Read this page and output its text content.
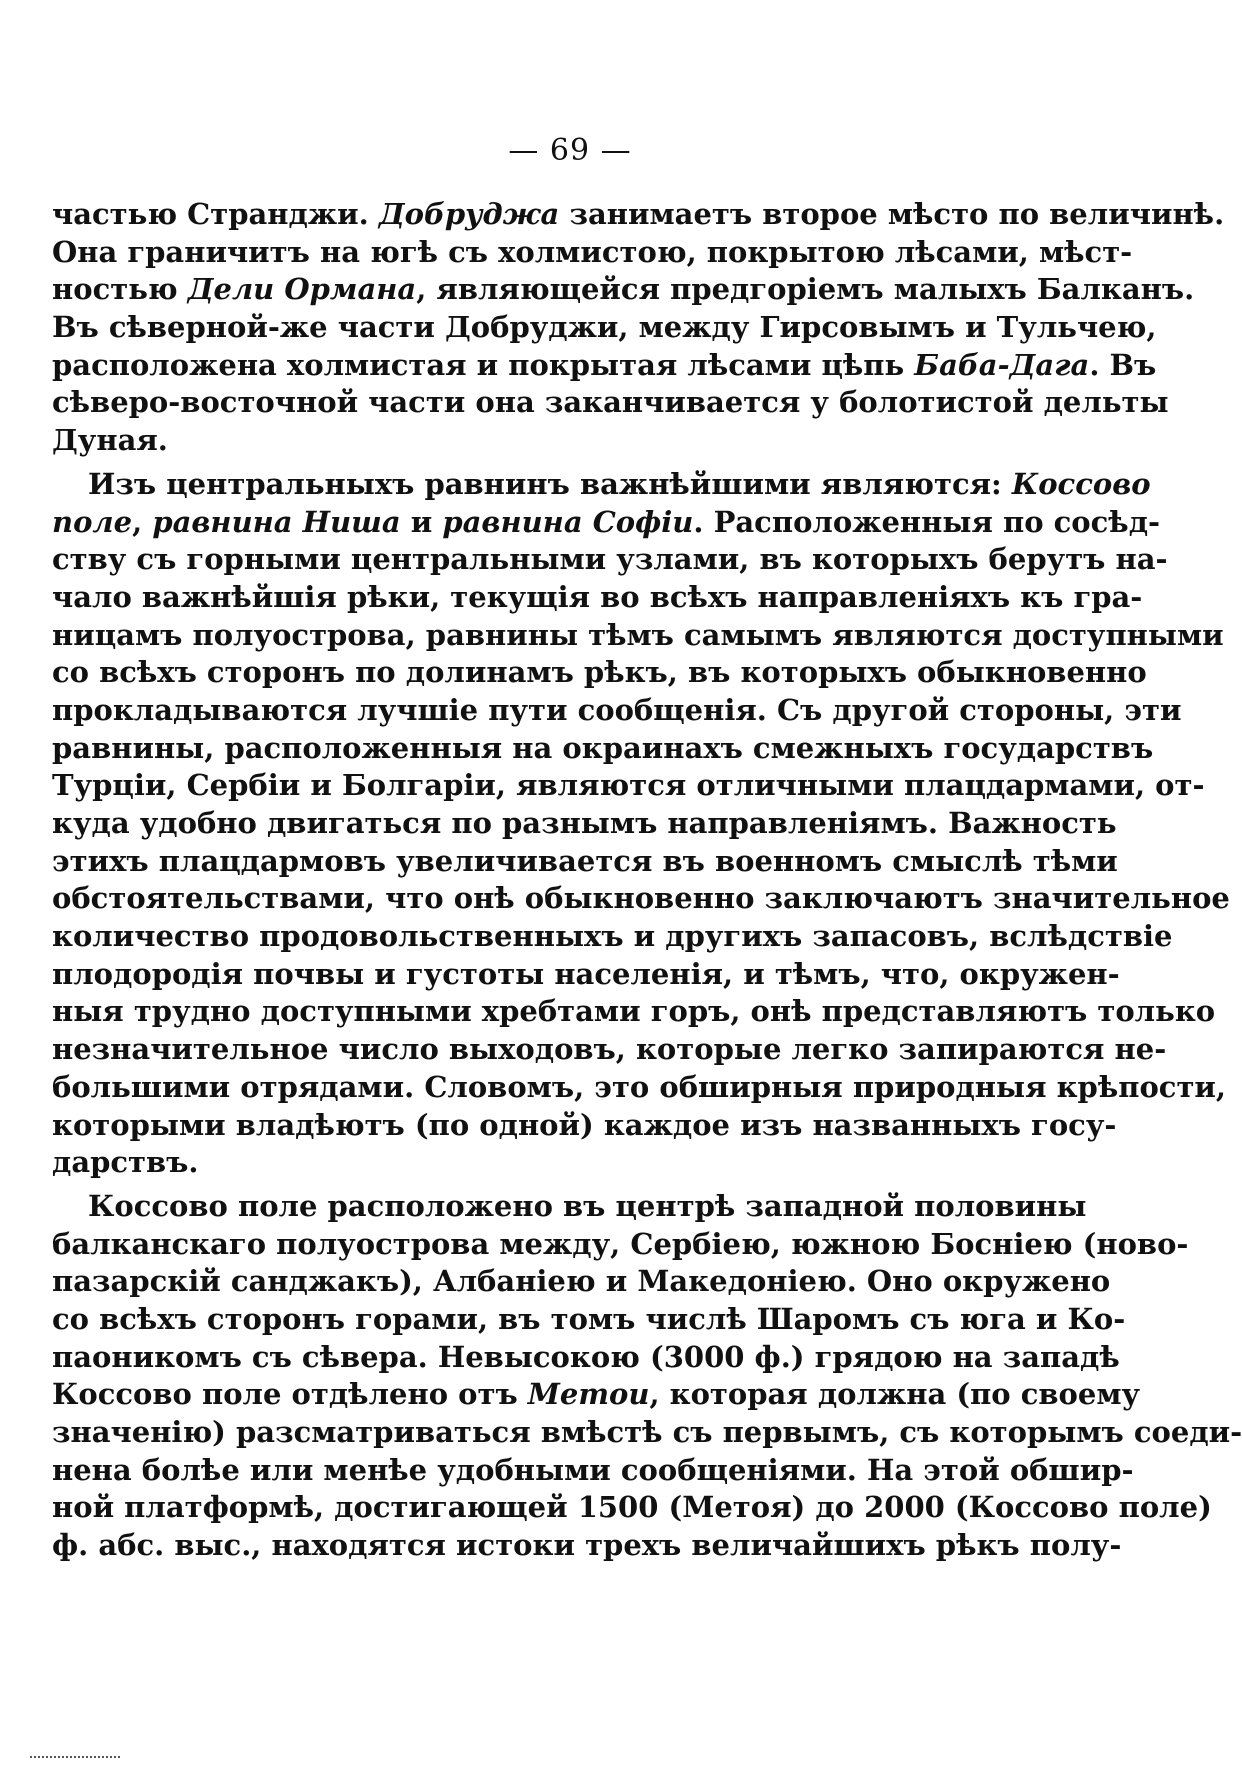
— 69 —
частью Странджи. Добруджа занимаетъ второе мѣсто по величинѣ.
Она граничитъ на югѣ съ холмистою, покрытою лѣсами, мѣст-
ностью Дели Ормана, являющейся предгоріемъ малыхъ Балканъ.
Въ сѣверной-же части Добруджи, между Гирсовымъ и Тульчею,
расположена холмистая и покрытая лѣсами цѣпь Баба-Дага. Въ
сѣверо-восточной части она заканчивается у болотистой дельты
Дуная.
Изъ центральныхъ равнинъ важнѣйшими являются: Коссово
поле, равнина Ниша и равнина Софіи. Расположенныя по сосѣд-
ству съ горными центральными узлами, въ которыхъ берутъ на-
чало важнѣйшія рѣки, текущія во всѣхъ направленіяхъ къ гра-
ницамъ полуострова, равнины тѣмъ самымъ являются доступными
со всѣхъ сторонъ по долинамъ рѣкъ, въ которыхъ обыкновенно
прокладываются лучшіе пути сообщенія. Съ другой стороны, эти
равнины, расположенныя на окраинахъ смежныхъ государствъ
Турціи, Сербіи и Болгаріи, являются отличными плацдармами, от-
куда удобно двигаться по разнымъ направленіямъ. Важность
этихъ плацдармовъ увеличивается въ военномъ смыслѣ тѣми
обстоятельствами, что онѣ обыкновенно заключаютъ значительное
количество продовольственныхъ и другихъ запасовъ, вслѣдствіе
плодородія почвы и густоты населенія, и тѣмъ, что, окружен-
ныя трудно доступными хребтами горъ, онѣ представляютъ только
незначительное число выходовъ, которые легко запираются не-
большими отрядами. Словомъ, это обширныя природныя крѣпости,
которыми владѣютъ (по одной) каждое изъ названныхъ госу-
дарствъ.
Коссово поле расположено въ центрѣ западной половины
балканскаго полуострова между, Сербіею, южною Босніею (ново-
пазарскій санджакъ), Албаніею и Македоніею. Оно окружено
со всѣхъ сторонъ горами, въ томъ числѣ Шаромъ съ юга и Ко-
паоникомъ съ сѣвера. Невысокою (3000 ф.) грядою на западѣ
Коссово поле отдѣлено отъ Метои, которая должна (по своему
значенію) разсматриваться вмѣстѣ съ первымъ, съ которымъ соеди-
нена болѣе или менѣе удобными сообщеніями. На этой обшир-
ной платформѣ, достигающей 1500 (Метоя) до 2000 (Коссово поле)
ф. абс. выс., находятся истоки трехъ величайшихъ рѣкъ полу-
